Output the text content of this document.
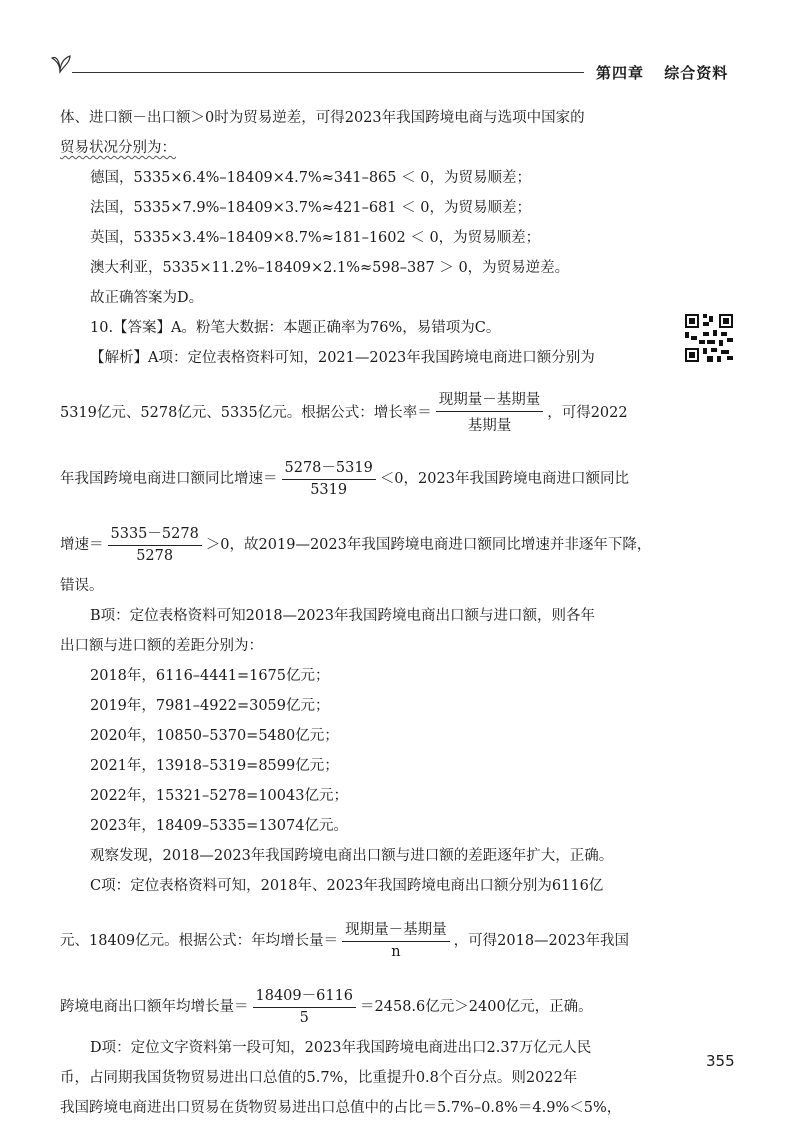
第四章 综合资料
体、进口额－出口额＞0时为贸易逆差，可得2023年我国跨境电商与选项中国家的
贸易状况分别为：
德国，5335×6.4%–18409×4.7%≈341–865 ＜ 0，为贸易顺差；
法国，5335×7.9%–18409×3.7%≈421–681 ＜ 0，为贸易顺差；
英国，5335×3.4%–18409×8.7%≈181–1602 ＜ 0，为贸易顺差；
澳大利亚，5335×11.2%–18409×2.1%≈598–387 ＞ 0，为贸易逆差。
故正确答案为D。
10.【答案】A。粉笔大数据：本题正确率为76%，易错项为C。
【解析】A项：定位表格资料可知，2021—2023年我国跨境电商进口额分别为
5319亿元、5278亿元、5335亿元。根据公式：增长率＝ $\frac{\text{现期量－基期量}}{\text{基期量}}$ ，可得2022
年我国跨境电商进口额同比增速＝ $\frac{5278-5319}{5319} <0$，2023年我国跨境电商进口额同比
增速＝ $\frac{5335-5278}{5278} >0$，故2019—2023年我国跨境电商进口额同比增速并非逐年下降，
错误。
B项：定位表格资料可知2018—2023年我国跨境电商出口额与进口额，则各年
出口额与进口额的差距分别为：
2018年，6116–4441=1675亿元；
2019年，7981–4922=3059亿元；
2020年，10850–5370=5480亿元；
2021年，13918–5319=8599亿元；
2022年，15321–5278=10043亿元；
2023年，18409–5335=13074亿元。
观察发现，2018—2023年我国跨境电商出口额与进口额的差距逐年扩大，正确。
C项：定位表格资料可知，2018年、2023年我国跨境电商出口额分别为6116亿
元、18409亿元。根据公式：年均增长量＝ $\frac{\text{现期量－基期量}}{n}$ ，可得2018—2023年我国
跨境电商出口额年均增长量＝ $\frac{18409-6116}{5} =2458.6$亿元＞2400亿元，正确。
D项：定位文字资料第一段可知，2023年我国跨境电商进出口2.37万亿元人民
币，占同期我国货物贸易进出口总值的5.7%，比重提升0.8个百分点。则2022年
我国跨境电商进出口贸易在货物贸易进出口总值中的占比＝5.7%–0.8%＝4.9%＜5%，
355
